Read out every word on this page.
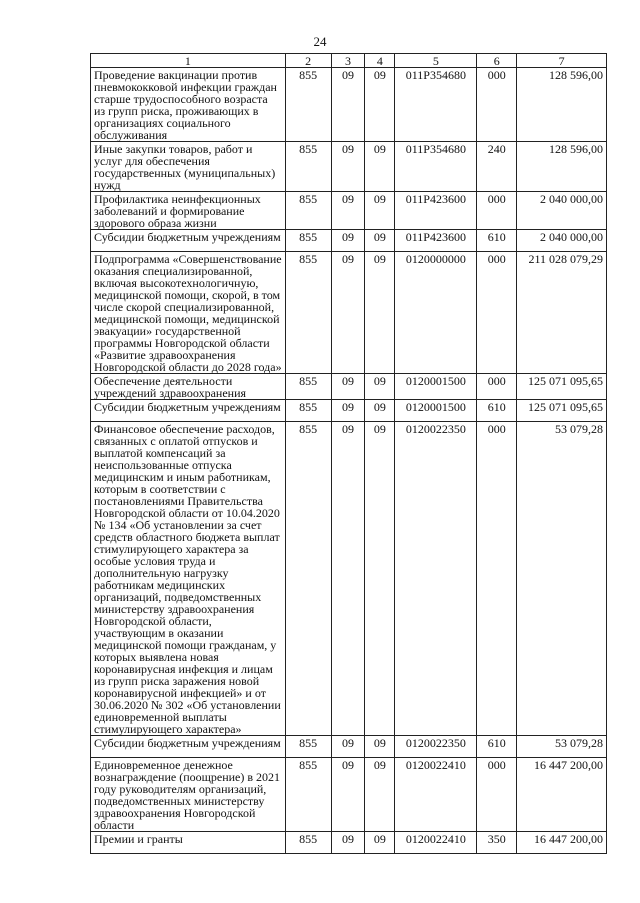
24
1	2	3	4	5	6	7
Проведение вакцинации против пневмококковой инфекции граждан старше трудоспособного возраста из групп риска, проживающих в организациях социального обслуживания	855	09	09	011P354680	000	128 596,00
Иные закупки товаров, работ и услуг для обеспечения государственных (муниципальных) нужд	855	09	09	011P354680	240	128 596,00
Профилактика неинфекционных заболеваний и формирование здорового образа жизни	855	09	09	011P423600	000	2 040 000,00
Субсидии бюджетным учреждениям	855	09	09	011P423600	610	2 040 000,00
Подпрограмма «Совершенствование оказания специализированной, включая высокотехнологичную, медицинской помощи, скорой, в том числе скорой специализированной, медицинской помощи, медицинской эвакуации» государственной программы Новгородской области «Развитие здравоохранения Новгородской области до 2028 года»	855	09	09	0120000000	000	211 028 079,29
Обеспечение деятельности учреждений здравоохранения	855	09	09	0120001500	000	125 071 095,65
Субсидии бюджетным учреждениям	855	09	09	0120001500	610	125 071 095,65
Финансовое обеспечение расходов, связанных с оплатой отпусков и выплатой компенсаций за неиспользованные отпуска медицинским и иным работникам, которым в соответствии с постановлениями Правительства Новгородской области от 10.04.2020 № 134 «Об установлении за счет средств областного бюджета выплат стимулирующего характера за особые условия труда и дополнительную нагрузку работникам медицинских организаций, подведомственных министерству здравоохранения Новгородской области, участвующим в оказании медицинской помощи гражданам, у которых выявлена новая коронавирусная инфекция и лицам из групп риска заражения новой коронавирусной инфекцией» и от 30.06.2020 № 302 «Об установлении единовременной выплаты стимулирующего характера»	855	09	09	0120022350	000	53 079,28
Субсидии бюджетным учреждениям	855	09	09	0120022350	610	53 079,28
Единовременное денежное вознаграждение (поощрение) в 2021 году руководителям организаций, подведомственных министерству здравоохранения Новгородской области	855	09	09	0120022410	000	16 447 200,00
Премии и гранты	855	09	09	0120022410	350	16 447 200,00
